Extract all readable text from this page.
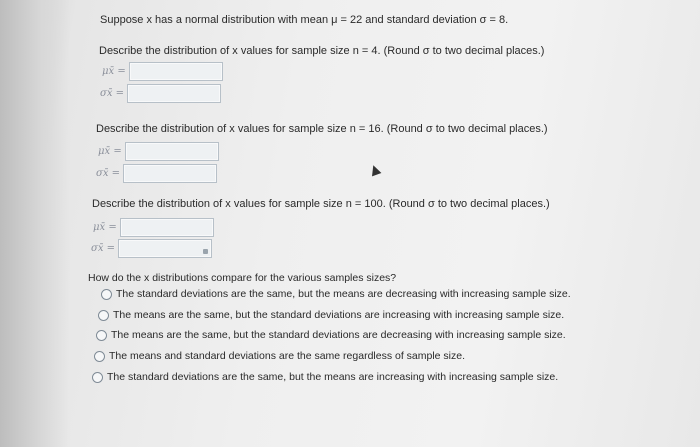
Suppose x has a normal distribution with mean μ = 22 and standard deviation σ = 8.
Describe the distribution of x values for sample size n = 4. (Round σ to two decimal places.)
μx̄ =
σx̄ =
Describe the distribution of x values for sample size n = 16. (Round σ to two decimal places.)
μx̄ =
σx̄ =
Describe the distribution of x values for sample size n = 100. (Round σ to two decimal places.)
μx̄ =
σx̄ =
How do the x distributions compare for the various samples sizes?
The standard deviations are the same, but the means are decreasing with increasing sample size.
The means are the same, but the standard deviations are increasing with increasing sample size.
The means are the same, but the standard deviations are decreasing with increasing sample size.
The means and standard deviations are the same regardless of sample size.
The standard deviations are the same, but the means are increasing with increasing sample size.
